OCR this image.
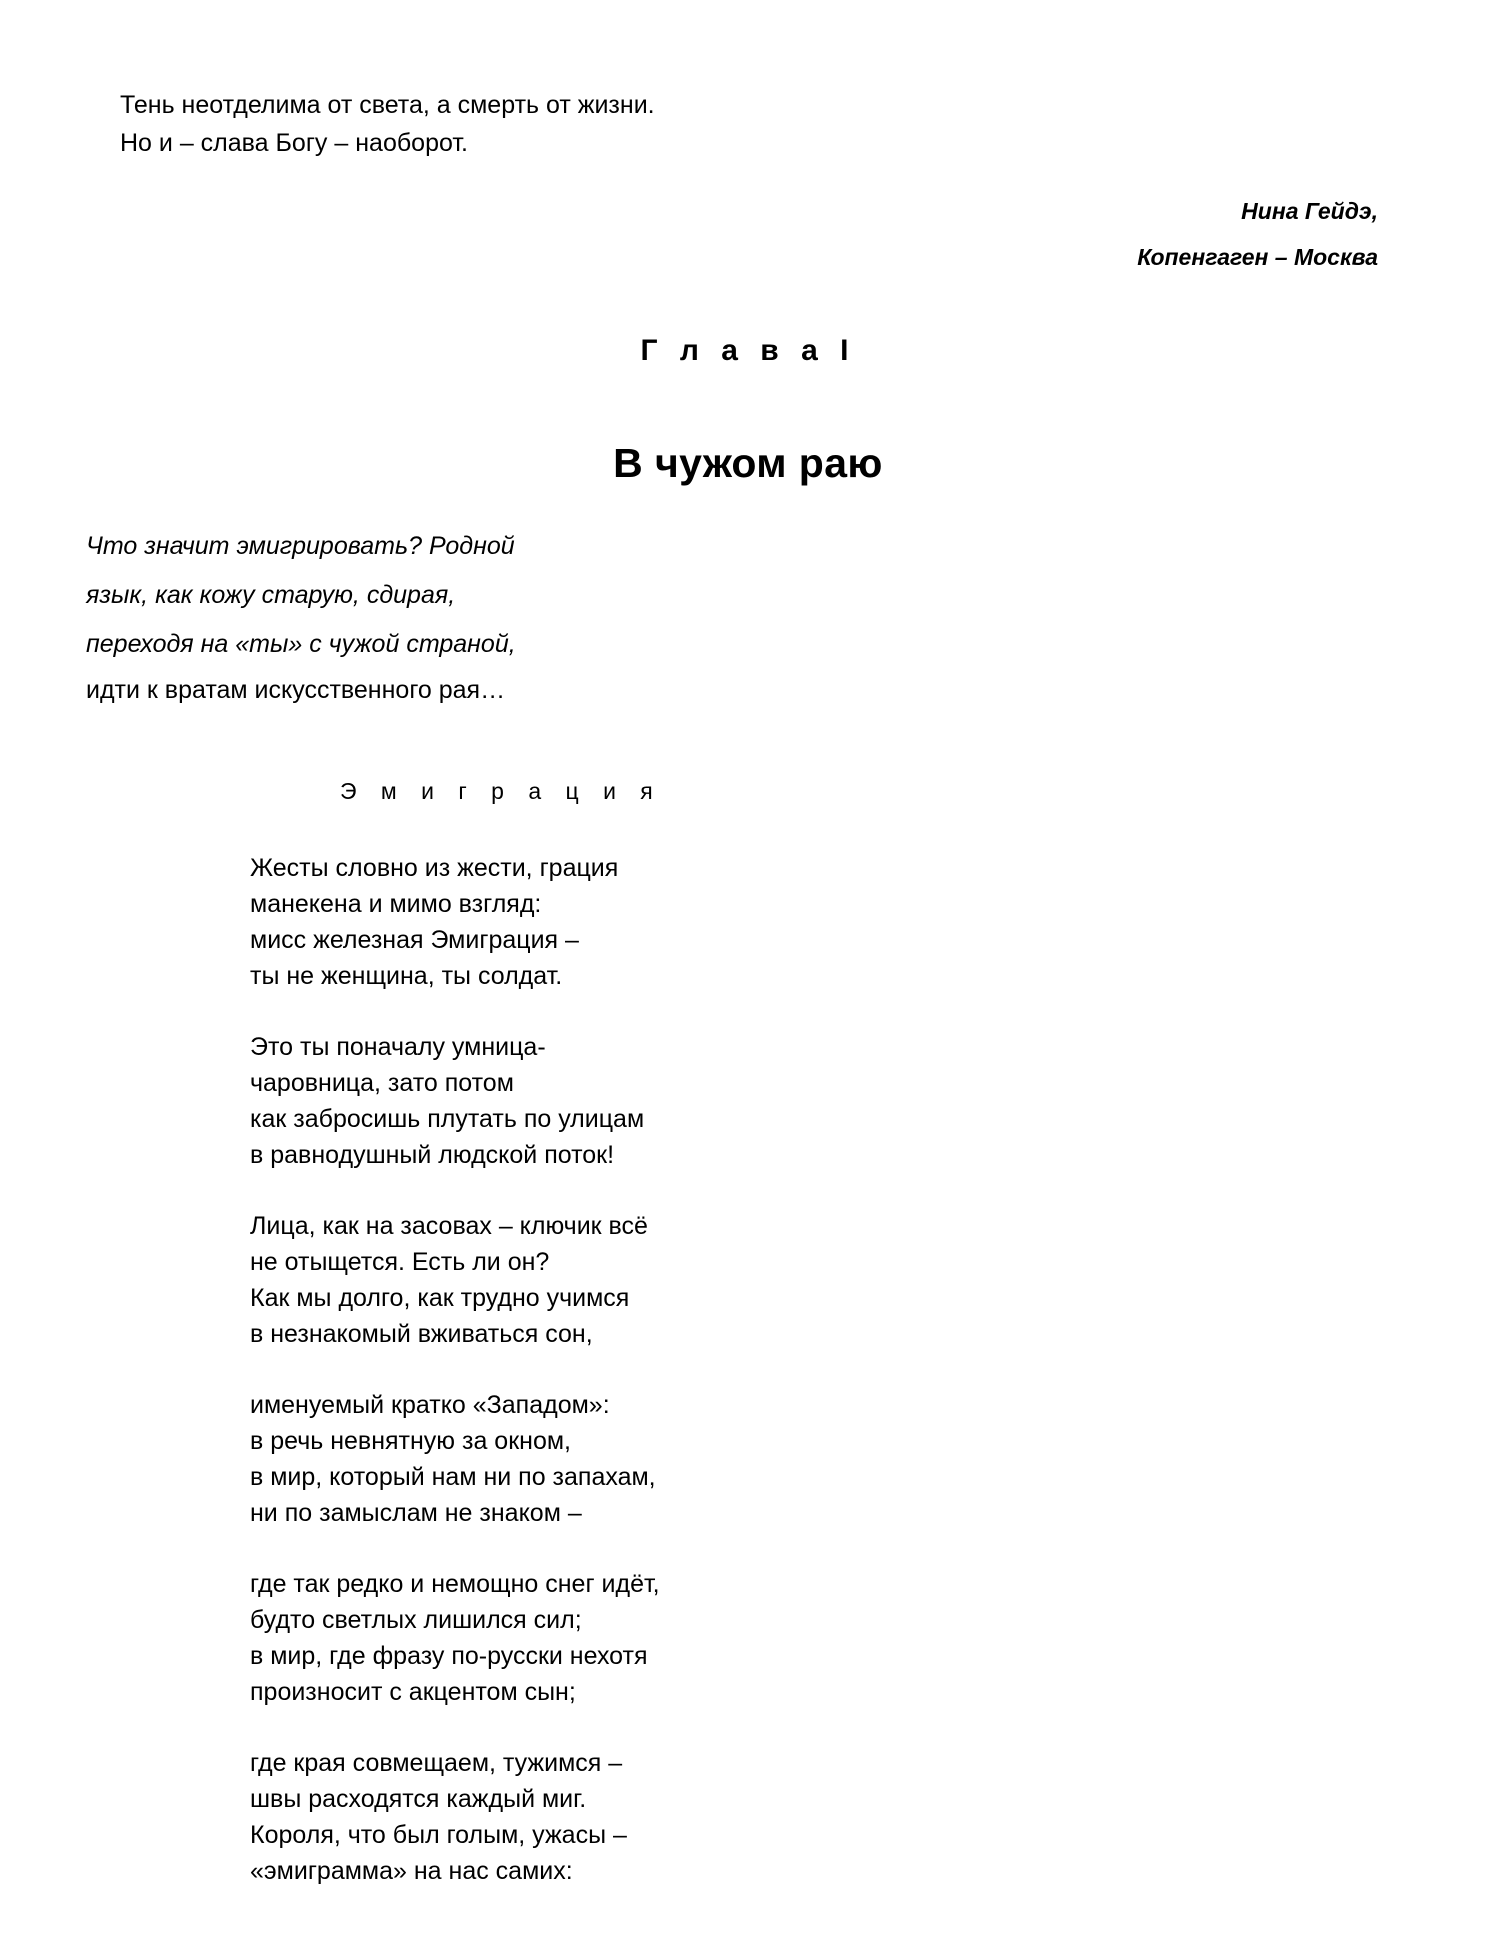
Тень неотделима от света, а смерть от жизни.
Но и – слава Богу – наоборот.
Нина Гейдэ,
Копенгаген – Москва
Г л а в а I
В чужом раю
Что значит эмигрировать? Родной
язык, как кожу старую, сдирая,
переходя на «ты» с чужой страной,
идти к вратам искусственного рая…
Э м и г р а ц и я
Жесты словно из жести, грация
манекена и мимо взгляд:
мисс железная Эмиграция –
ты не женщина, ты солдат.
Это ты поначалу умница-
чаровница, зато потом
как забросишь плутать по улицам
в равнодушный людской поток!
Лица, как на засовах – ключик всё
не отыщется. Есть ли он?
Как мы долго, как трудно учимся
в незнакомый вживаться сон,
именуемый кратко «Западом»:
в речь невнятную за окном,
в мир, который нам ни по запахам,
ни по замыслам не знаком –
где так редко и немощно снег идёт,
будто светлых лишился сил;
в мир, где фразу по-русски нехотя
произносит с акцентом сын;
где края совмещаем, тужимся –
швы расходятся каждый миг.
Короля, что был голым, ужасы –
«эмиграмма» на нас самих:
